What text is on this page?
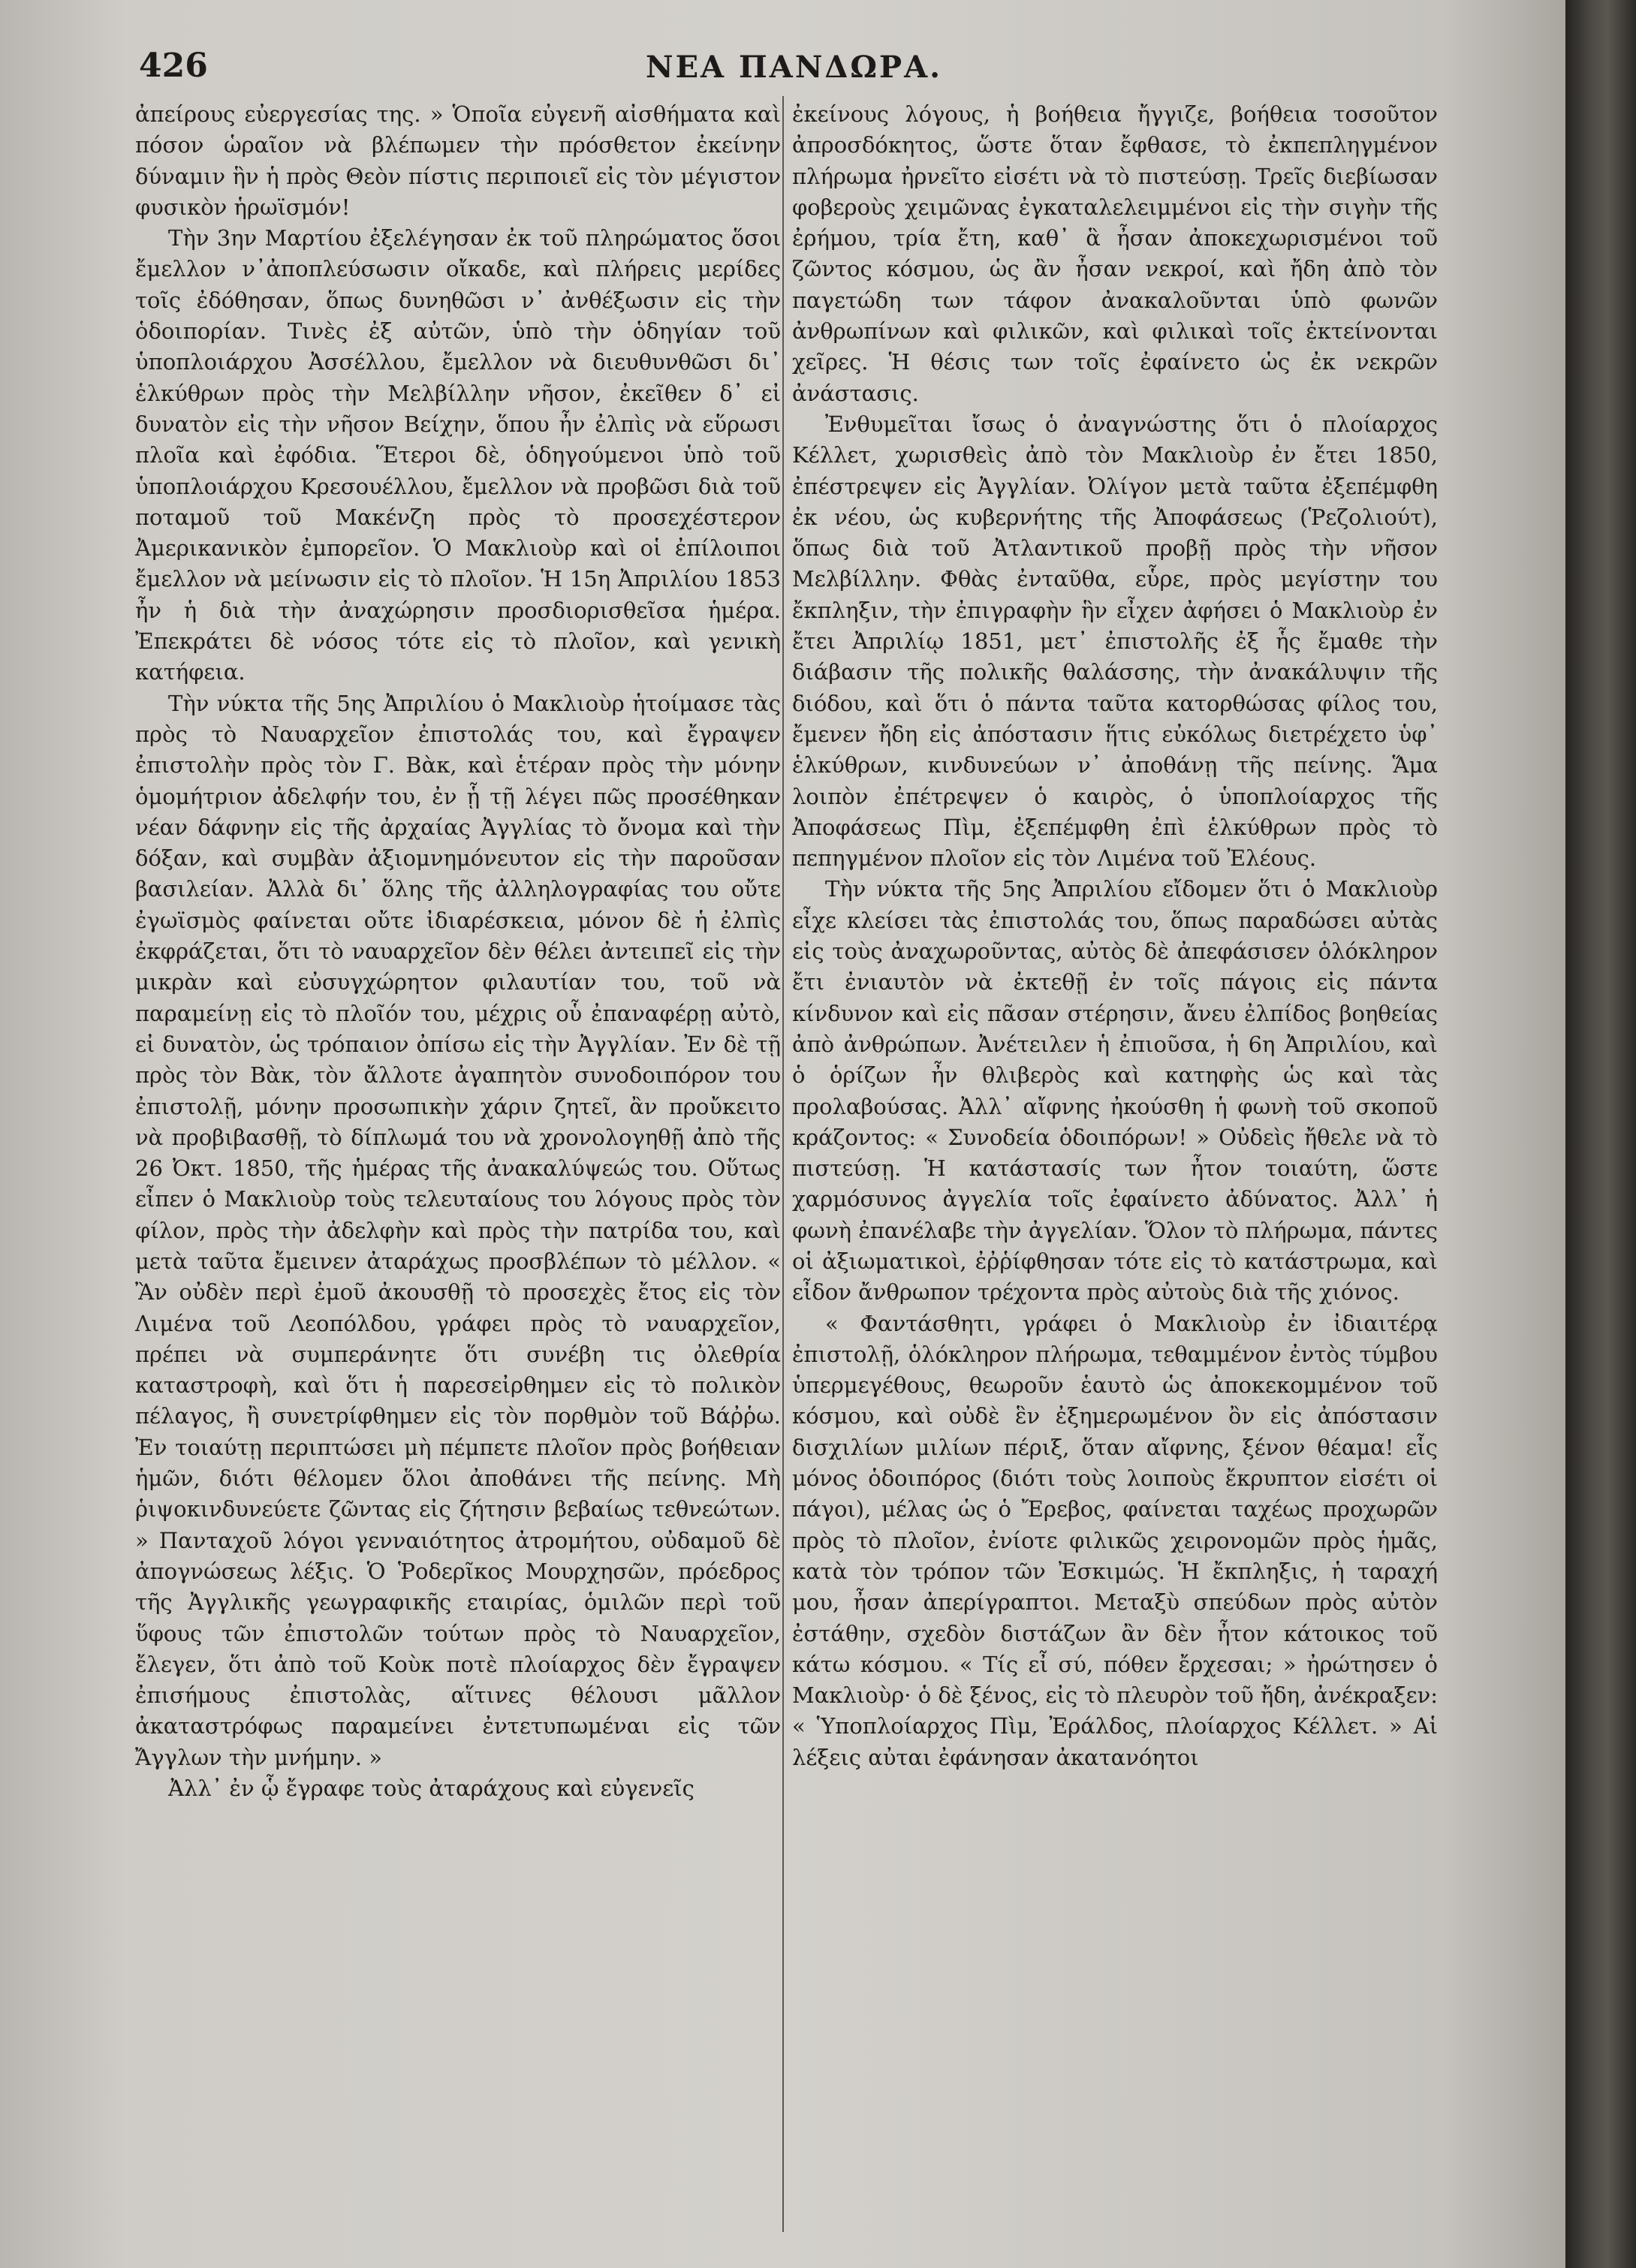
426	ΝΕΑ ΠΑΝΔΩΡΑ.

ἀπείρους εὐεργεσίας της. » Ὁποῖα εὐγενῆ αἰσθήματα καὶ πόσον ὡραῖον νὰ βλέπωμεν τὴν πρόσθετον ἐκείνην δύναμιν ἣν ἡ πρὸς Θεὸν πίστις περιποιεῖ εἰς τὸν μέγιστον φυσικὸν ἡρωϊσμόν!

Τὴν 3ην Μαρτίου ἐξελέγησαν ἐκ τοῦ πληρώματος ὅσοι ἔμελλον ν᾽ἀποπλεύσωσιν οἴκαδε, καὶ πλήρεις μερίδες τοῖς ἐδόθησαν, ὅπως δυνηθῶσι ν᾽ ἀνθέξωσιν εἰς τὴν ὁδοιπορίαν. Τινὲς ἐξ αὐτῶν, ὑπὸ τὴν ὁδηγίαν τοῦ ὑποπλοιάρχου Ἀσσέλλου, ἔμελλον νὰ διευθυνθῶσι δι᾽ ἑλκύθρων πρὸς τὴν Μελβίλλην νῆσον, ἐκεῖθεν δ᾽ εἰ δυνατὸν εἰς τὴν νῆσον Βείχην, ὅπου ἦν ἐλπὶς νὰ εὕρωσι πλοῖα καὶ ἐφόδια. Ἕτεροι δὲ, ὁδηγούμενοι ὑπὸ τοῦ ὑποπλοιάρχου Κρεσουέλλου, ἔμελλον νὰ προβῶσι διὰ τοῦ ποταμοῦ τοῦ Μακένζη πρὸς τὸ προσεχέστερον Ἀμερικανικὸν ἐμπορεῖον. Ὁ Μακλιοὺρ καὶ οἱ ἐπίλοιποι ἔμελλον νὰ μείνωσιν εἰς τὸ πλοῖον. Ἡ 15η Ἀπριλίου 1853 ἦν ἡ διὰ τὴν ἀναχώρησιν προσδιορισθεῖσα ἡμέρα. Ἐπεκράτει δὲ νόσος τότε εἰς τὸ πλοῖον, καὶ γενικὴ κατήφεια.

Τὴν νύκτα τῆς 5ης Ἀπριλίου ὁ Μακλιοὺρ ἡτοίμασε τὰς πρὸς τὸ Ναυαρχεῖον ἐπιστολάς του, καὶ ἔγραψεν ἐπιστολὴν πρὸς τὸν Γ. Βὰκ, καὶ ἑτέραν πρὸς τὴν μόνην ὁμομήτριον ἀδελφήν του, ἐν ᾗ τῇ λέγει πῶς προσέθηκαν νέαν δάφνην εἰς τῆς ἀρχαίας Ἀγγλίας τὸ ὄνομα καὶ τὴν δόξαν, καὶ συμβὰν ἀξιομνημόνευτον εἰς τὴν παροῦσαν βασιλείαν. Ἀλλὰ δι᾽ ὅλης τῆς ἀλληλογραφίας του οὔτε ἐγωϊσμὸς φαίνεται οὔτε ἰδιαρέσκεια, μόνον δὲ ἡ ἐλπὶς ἐκφράζεται, ὅτι τὸ ναυαρχεῖον δὲν θέλει ἀντειπεῖ εἰς τὴν μικρὰν καὶ εὐσυγχώρητον φιλαυτίαν του, τοῦ νὰ παραμείνῃ εἰς τὸ πλοῖόν του, μέχρις οὗ ἐπαναφέρῃ αὐτὸ, εἰ δυνατὸν, ὡς τρόπαιον ὀπίσω εἰς τὴν Ἀγγλίαν. Ἐν δὲ τῇ πρὸς τὸν Βὰκ, τὸν ἄλλοτε ἀγαπητὸν συνοδοιπόρον του ἐπιστολῇ, μόνην προσωπικὴν χάριν ζητεῖ, ἂν προὔκειτο νὰ προβιβασθῇ, τὸ δίπλωμά του νὰ χρονολογηθῇ ἀπὸ τῆς 26 Ὀκτ. 1850, τῆς ἡμέρας τῆς ἀνακαλύψεώς του. Οὕτως εἶπεν ὁ Μακλιοὺρ τοὺς τελευταίους του λόγους πρὸς τὸν φίλον, πρὸς τὴν ἀδελφὴν καὶ πρὸς τὴν πατρίδα του, καὶ μετὰ ταῦτα ἔμεινεν ἀταράχως προσβλέπων τὸ μέλλον. « Ἂν οὐδὲν περὶ ἐμοῦ ἀκουσθῇ τὸ προσεχὲς ἔτος εἰς τὸν Λιμένα τοῦ Λεοπόλδου, γράφει πρὸς τὸ ναυαρχεῖον, πρέπει νὰ συμπεράνητε ὅτι συνέβη τις ὀλεθρία καταστροφὴ, καὶ ὅτι ἡ παρεσεἰρθημεν εἰς τὸ πολικὸν πέλαγος, ἢ συνετρίφθημεν εἰς τὸν πορθμὸν τοῦ Βάῤῥω. Ἐν τοιαύτῃ περιπτώσει μὴ πέμπετε πλοῖον πρὸς βοήθειαν ἡμῶν, διότι θέλομεν ὅλοι ἀποθάνει τῆς πείνης. Μὴ ῥιψοκινδυνεύετε ζῶντας εἰς ζήτησιν βεβαίως τεθνεώτων. » Πανταχοῦ λόγοι γενναιότητος ἀτρομήτου, οὐδαμοῦ δὲ ἀπογνώσεως λέξις. Ὁ Ῥοδερῖκος Μουρχησῶν, πρόεδρος τῆς Ἀγγλικῆς γεωγραφικῆς εταιρίας, ὁμιλῶν περὶ τοῦ ὕφους τῶν ἐπιστολῶν τούτων πρὸς τὸ Ναυαρχεῖον, ἔλεγεν, ὅτι ἀπὸ τοῦ Κοὺκ ποτὲ πλοίαρχος δὲν ἔγραψεν ἐπισήμους ἐπιστολὰς, αἵτινες θέλουσι μᾶλλον ἀκαταστρόφως παραμείνει ἐντετυπωμέναι εἰς τῶν Ἄγγλων τὴν μνήμην. »

Ἀλλ᾽ ἐν ᾧ ἔγραφε τοὺς ἀταράχους καὶ εὐγενεῖς

ἐκείνους λόγους, ἡ βοήθεια ἤγγιζε, βοήθεια τοσοῦτον ἀπροσδόκητος, ὥστε ὅταν ἔφθασε, τὸ ἐκπεπληγμένον πλήρωμα ἠρνεῖτο εἰσέτι νὰ τὸ πιστεύσῃ. Τρεῖς διεβίωσαν φοβεροὺς χειμῶνας ἐγκαταλελειμμένοι εἰς τὴν σιγὴν τῆς ἐρήμου, τρία ἔτη, καθ᾽ ἃ ἦσαν ἀποκεχωρισμένοι τοῦ ζῶντος κόσμου, ὡς ἂν ἦσαν νεκροί, καὶ ἤδη ἀπὸ τὸν παγετώδη των τάφον ἀνακαλοῦνται ὑπὸ φωνῶν ἀνθρωπίνων καὶ φιλικῶν, καὶ φιλικαὶ τοῖς ἐκτείνονται χεῖρες. Ἡ θέσις των τοῖς ἐφαίνετο ὡς ἐκ νεκρῶν ἀνάστασις.

Ἐνθυμεῖται ἴσως ὁ ἀναγνώστης ὅτι ὁ πλοίαρχος Κέλλετ, χωρισθεὶς ἀπὸ τὸν Μακλιοὺρ ἐν ἔτει 1850, ἐπέστρεψεν εἰς Ἀγγλίαν. Ὀλίγον μετὰ ταῦτα ἐξεπέμφθη ἐκ νέου, ὡς κυβερνήτης τῆς Ἀποφάσεως (Ῥεζολιούτ), ὅπως διὰ τοῦ Ἀτλαντικοῦ προβῇ πρὸς τὴν νῆσον Μελβίλλην. Φθὰς ἐνταῦθα, εὗρε, πρὸς μεγίστην του ἔκπληξιν, τὴν ἐπιγραφὴν ἣν εἶχεν ἀφήσει ὁ Μακλιοὺρ ἐν ἔτει Ἀπριλίῳ 1851, μετ᾽ ἐπιστολῆς ἐξ ἧς ἔμαθε τὴν διάβασιν τῆς πολικῆς θαλάσσης, τὴν ἀνακάλυψιν τῆς διόδου, καὶ ὅτι ὁ πάντα ταῦτα κατορθώσας φίλος του, ἔμενεν ἤδη εἰς ἀπόστασιν ἥτις εὐκόλως διετρέχετο ὑφ᾽ ἑλκύθρων, κινδυνεύων ν᾽ ἀποθάνῃ τῆς πείνης. Ἅμα λοιπὸν ἐπέτρεψεν ὁ καιρὸς, ὁ ὑποπλοίαρχος τῆς Ἀποφάσεως Πὶμ, ἐξεπέμφθη ἐπὶ ἑλκύθρων πρὸς τὸ πεπηγμένον πλοῖον εἰς τὸν Λιμένα τοῦ Ἐλέους.

Τὴν νύκτα τῆς 5ης Ἀπριλίου εἴδομεν ὅτι ὁ Μακλιοὺρ εἶχε κλείσει τὰς ἐπιστολάς του, ὅπως παραδώσει αὐτὰς εἰς τοὺς ἀναχωροῦντας, αὐτὸς δὲ ἀπεφάσισεν ὁλόκληρον ἔτι ἐνιαυτὸν νὰ ἐκτεθῇ ἐν τοῖς πάγοις εἰς πάντα κίνδυνον καὶ εἰς πᾶσαν στέρησιν, ἄνευ ἐλπίδος βοηθείας ἀπὸ ἀνθρώπων. Ἀνέτειλεν ἡ ἐπιοῦσα, ἡ 6η Ἀπριλίου, καὶ ὁ ὁρίζων ἦν θλιβερὸς καὶ κατηφὴς ὡς καὶ τὰς προλαβούσας. Ἀλλ᾽ αἴφνης ἠκούσθη ἡ φωνὴ τοῦ σκοποῦ κράζοντος: « Συνοδεία ὁδοιπόρων! » Οὐδεὶς ἤθελε νὰ τὸ πιστεύσῃ. Ἡ κατάστασίς των ἦτον τοιαύτη, ὥστε χαρμόσυνος ἀγγελία τοῖς ἐφαίνετο ἀδύνατος. Ἀλλ᾽ ἡ φωνὴ ἐπανέλαβε τὴν ἀγγελίαν. Ὅλον τὸ πλήρωμα, πάντες οἱ ἀξιωματικοὶ, ἐῤῥίφθησαν τότε εἰς τὸ κατάστρωμα, καὶ εἶδον ἄνθρωπον τρέχοντα πρὸς αὐτοὺς διὰ τῆς χιόνος.

« Φαντάσθητι, γράφει ὁ Μακλιοὺρ ἐν ἰδιαιτέρᾳ ἐπιστολῇ, ὁλόκληρον πλήρωμα, τεθαμμένον ἐντὸς τύμβου ὑπερμεγέθους, θεωροῦν ἑαυτὸ ὡς ἀποκεκομμένον τοῦ κόσμου, καὶ οὐδὲ ἓν ἐξημερωμένον ὂν εἰς ἀπόστασιν δισχιλίων μιλίων πέριξ, ὅταν αἴφνης, ξένον θέαμα! εἷς μόνος ὁδοιπόρος (διότι τοὺς λοιποὺς ἔκρυπτον εἰσέτι οἱ πάγοι), μέλας ὡς ὁ Ἔρεβος, φαίνεται ταχέως προχωρῶν πρὸς τὸ πλοῖον, ἐνίοτε φιλικῶς χειρονομῶν πρὸς ἡμᾶς, κατὰ τὸν τρόπον τῶν Ἐσκιμώς. Ἡ ἔκπληξις, ἡ ταραχή μου, ἦσαν ἀπερίγραπτοι. Μεταξὺ σπεύδων πρὸς αὐτὸν ἐστάθην, σχεδὸν διστάζων ἂν δὲν ἦτον κάτοικος τοῦ κάτω κόσμου. « Τίς εἶ σύ, πόθεν ἔρχεσαι; » ἠρώτησεν ὁ Μακλιοὺρ· ὁ δὲ ξένος, εἰς τὸ πλευρὸν τοῦ ἤδη, ἀνέκραξεν: « Ὑποπλοίαρχος Πὶμ, Ἐράλδος, πλοίαρχος Κέλλετ. » Αἱ λέξεις αὐται ἐφάνησαν ἀκατανόητοι
